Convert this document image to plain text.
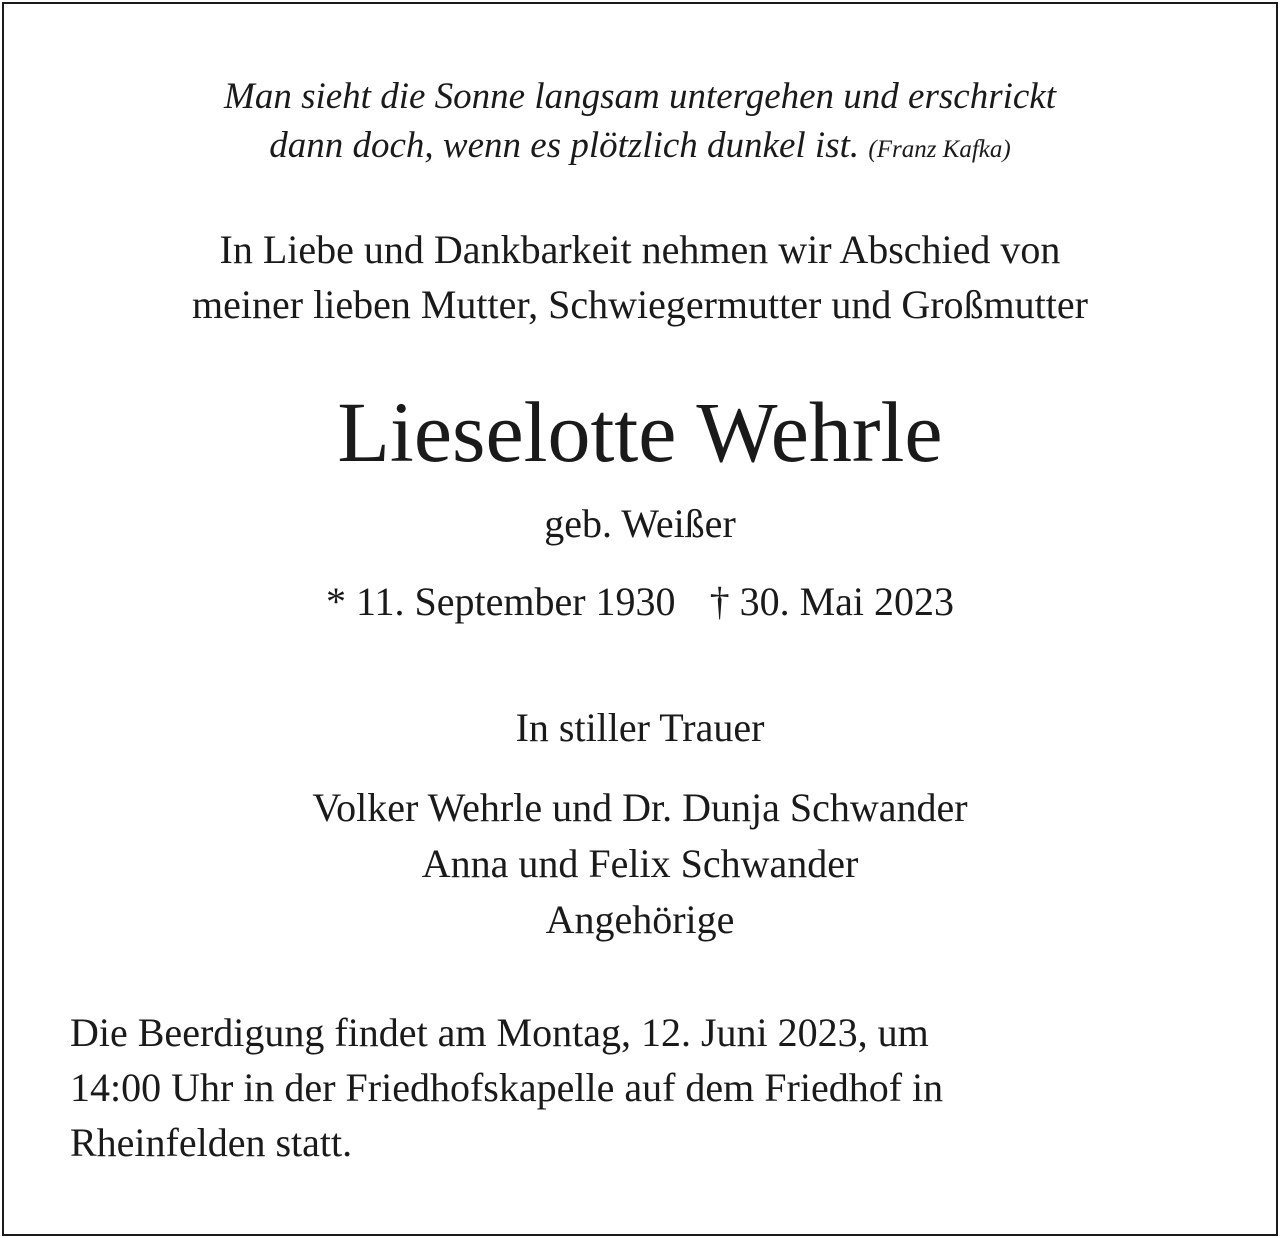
Man sieht die Sonne langsam untergehen und erschrickt
dann doch, wenn es plötzlich dunkel ist. (Franz Kafka)
In Liebe und Dankbarkeit nehmen wir Abschied von
meiner lieben Mutter, Schwiegermutter und Großmutter
Lieselotte Wehrle
geb. Weißer
* 11. September 1930 † 30. Mai 2023
In stiller Trauer
Volker Wehrle und Dr. Dunja Schwander
Anna und Felix Schwander
Angehörige
Die Beerdigung findet am Montag, 12. Juni 2023, um
14:00 Uhr in der Friedhofskapelle auf dem Friedhof in
Rheinfelden statt.
